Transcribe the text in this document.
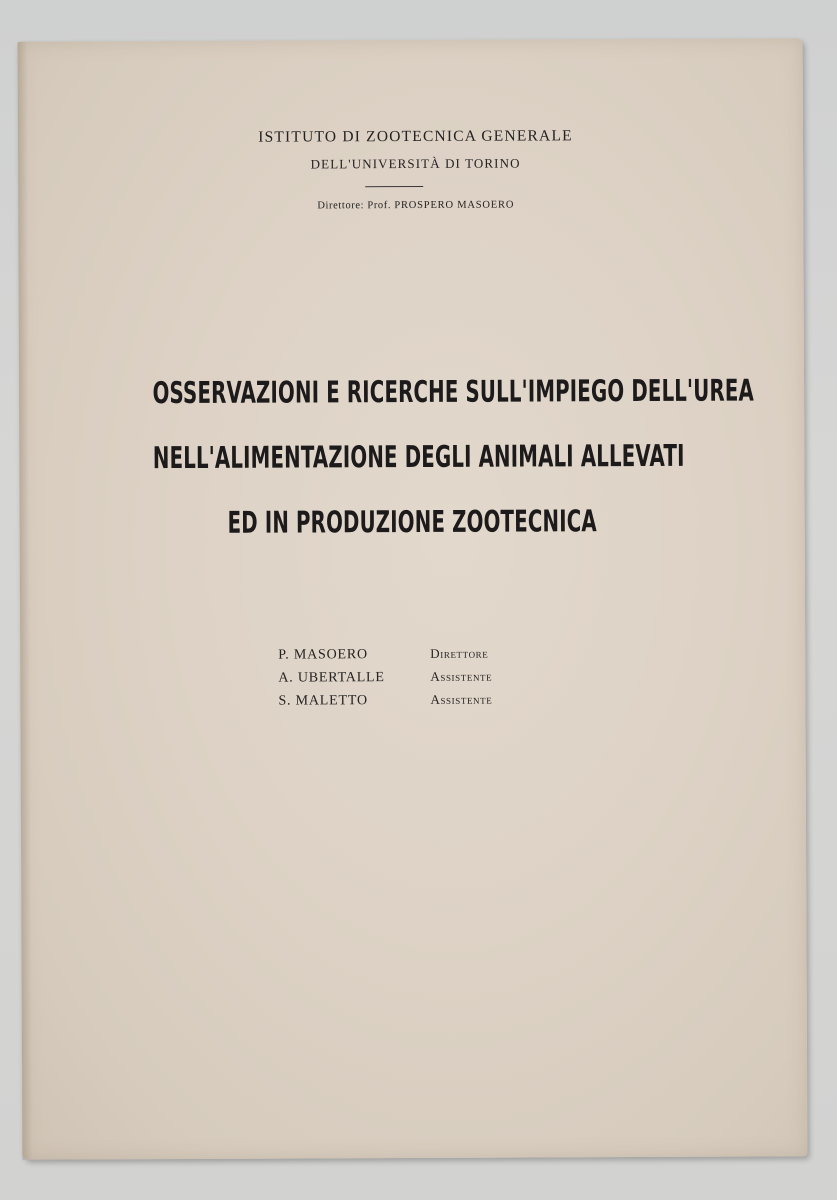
ISTITUTO DI ZOOTECNICA GENERALE
DELL'UNIVERSITÀ DI TORINO
Direttore: Prof. PROSPERO MASOERO
OSSERVAZIONI E RICERCHE SULL'IMPIEGO DELL'UREA
NELL'ALIMENTAZIONE DEGLI ANIMALI ALLEVATI
ED IN PRODUZIONE ZOOTECNICA
P. MASOERO	Direttore
A. UBERTALLE	Assistente
S. MALETTO	Assistente
